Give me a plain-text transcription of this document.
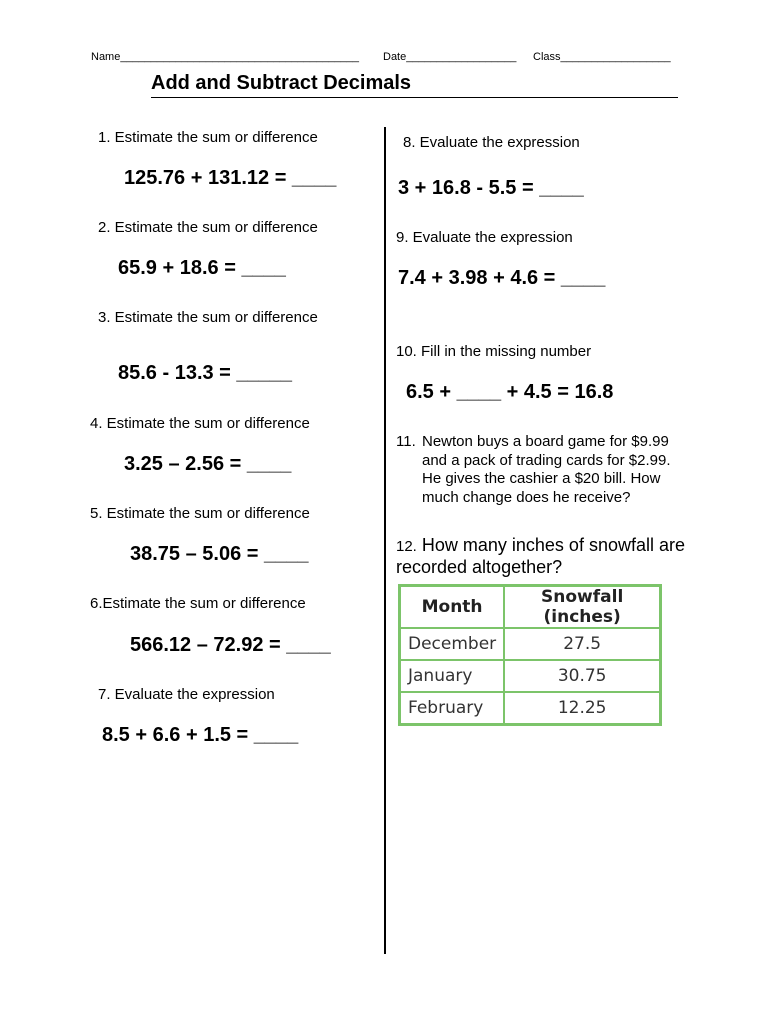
Name_______________________________________ Date__________________ Class__________________
Add and Subtract Decimals
1. Estimate the sum or difference
125.76 + 131.12 = ____
2. Estimate the sum or difference
65.9 + 18.6 = ____
3. Estimate the sum or difference
85.6 - 13.3 = _____
4. Estimate the sum or difference
3.25 – 2.56 = ____
5. Estimate the sum or difference
38.75 – 5.06 = ____
6.Estimate the sum or difference
566.12 – 72.92 = ____
7. Evaluate the expression
8.5 + 6.6 + 1.5 = ____
8. Evaluate the expression
3 + 16.8 - 5.5 = ____
9. Evaluate the expression
7.4 + 3.98 + 4.6 = ____
10. Fill in the missing number
6.5 + ____ + 4.5 = 16.8
11. Newton buys a board game for $9.99 and a pack of trading cards for $2.99. He gives the cashier a $20 bill. How much change does he receive?
12. How many inches of snowfall are recorded altogether?
Month	Snowfall (inches)
December	27.5
January	30.75
February	12.25
